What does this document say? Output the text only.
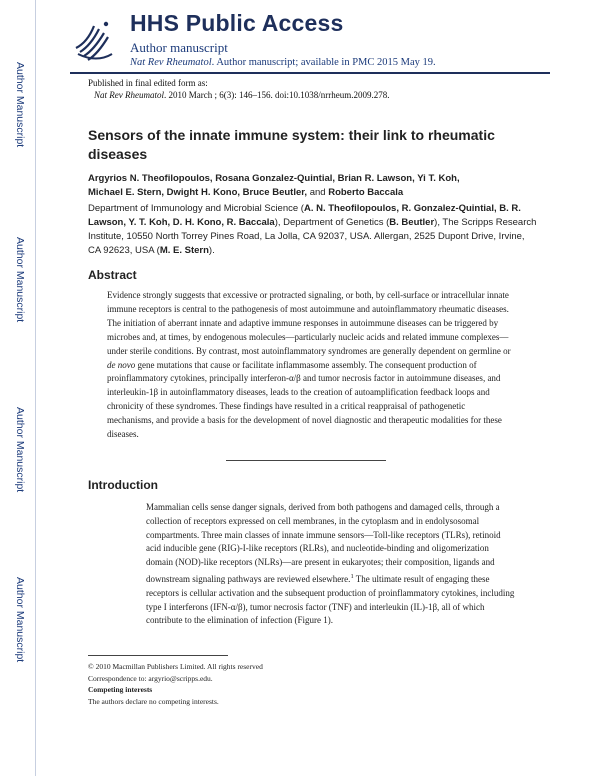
Author Manuscript
Author Manuscript
Author Manuscript
Author Manuscript
HHS Public Access
Author manuscript
Nat Rev Rheumatol. Author manuscript; available in PMC 2015 May 19.
Published in final edited form as:
Nat Rev Rheumatol. 2010 March ; 6(3): 146–156. doi:10.1038/nrrheum.2009.278.
Sensors of the innate immune system: their link to rheumatic diseases

Argyrios N. Theofilopoulos, Rosana Gonzalez-Quintial, Brian R. Lawson, Yi T. Koh,
Michael E. Stern, Dwight H. Kono, Bruce Beutler, and Roberto Baccala

Department of Immunology and Microbial Science (A. N. Theofilopoulos, R. Gonzalez-Quintial, B. R. Lawson, Y. T. Koh, D. H. Kono, R. Baccala), Department of Genetics (B. Beutler), The Scripps Research Institute, 10550 North Torrey Pines Road, La Jolla, CA 92037, USA. Allergan, 2525 Dupont Drive, Irvine, CA 92623, USA (M. E. Stern).

Abstract

Evidence strongly suggests that excessive or protracted signaling, or both, by cell-surface or intracellular innate immune receptors is central to the pathogenesis of most autoimmune and autoinflammatory rheumatic diseases. The initiation of aberrant innate and adaptive immune responses in autoimmune diseases can be triggered by microbes and, at times, by endogenous molecules—particularly nucleic acids and related immune complexes—under sterile conditions. By contrast, most autoinflammatory syndromes are generally dependent on germline or de novo gene mutations that cause or facilitate inflammasome assembly. The consequent production of proinflammatory cytokines, principally interferon-α/β and tumor necrosis factor in autoimmune diseases, and interleukin-1β in autoinflammatory diseases, leads to the creation of autoamplification feedback loops and chronicity of these syndromes. These findings have resulted in a critical reappraisal of pathogenetic mechanisms, and provide a basis for the development of novel diagnostic and therapeutic modalities for these diseases.

Introduction

Mammalian cells sense danger signals, derived from both pathogens and damaged cells, through a collection of receptors expressed on cell membranes, in the cytoplasm and in endolysosomal compartments. Three main classes of innate immune sensors—Toll-like receptors (TLRs), retinoid acid inducible gene (RIG)-I-like receptors (RLRs), and nucleotide-binding and oligomerization domain (NOD)-like receptors (NLRs)—are present in eukaryotes; their composition, ligands and downstream signaling pathways are reviewed elsewhere.$^1$ The ultimate result of engaging these receptors is cellular activation and the subsequent production of proinflammatory cytokines, including type I interferons (IFN-α/β), tumor necrosis factor (TNF) and interleukin (IL)-1β, all of which contribute to the elimination of infection (Figure 1).

© 2010 Macmillan Publishers Limited. All rights reserved
Correspondence to: argyrio@scripps.edu.
Competing interests
The authors declare no competing interests.
